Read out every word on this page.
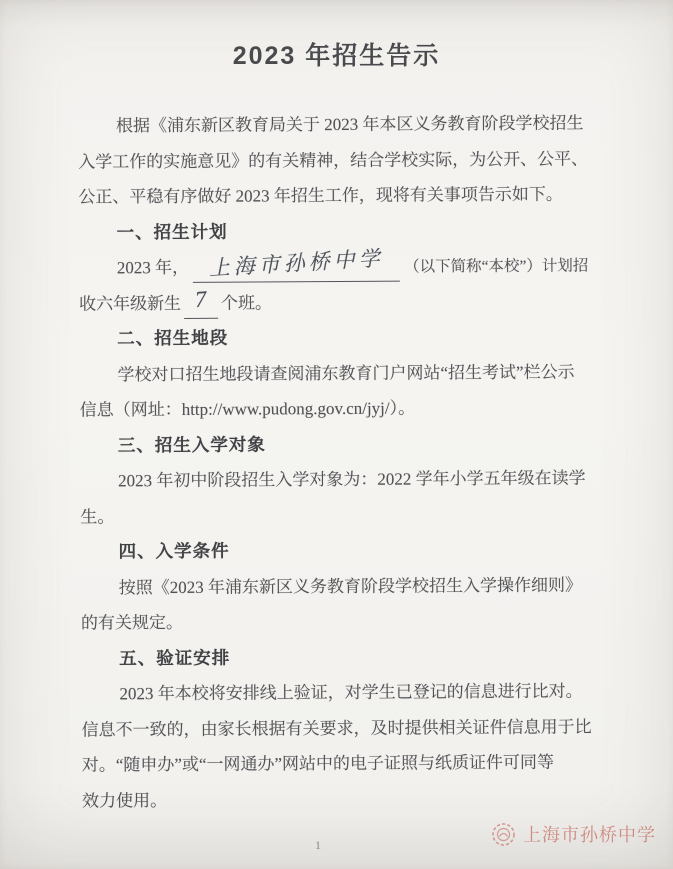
2023 年招生告示
根据《浦东新区教育局关于 2023 年本区义务教育阶段学校招生
入学工作的实施意见》的有关精神，结合学校实际，为公开、公平、
公正、平稳有序做好 2023 年招生工作，现将有关事项告示如下。
一、招生计划
2023 年， 上海市孙桥中学 （以下简称“本校”）计划招
收六年级新生 7 个班。
二、招生地段
学校对口招生地段请查阅浦东教育门户网站“招生考试”栏公示
信息（网址：http://www.pudong.gov.cn/jyj/）。
三、招生入学对象
2023 年初中阶段招生入学对象为：2022 学年小学五年级在读学
生。
四、入学条件
按照《2023 年浦东新区义务教育阶段学校招生入学操作细则》
的有关规定。
五、验证安排
2023 年本校将安排线上验证，对学生已登记的信息进行比对。
信息不一致的，由家长根据有关要求，及时提供相关证件信息用于比
对。“随申办”或“一网通办”网站中的电子证照与纸质证件可同等
效力使用。
1	上海市孙桥中学
